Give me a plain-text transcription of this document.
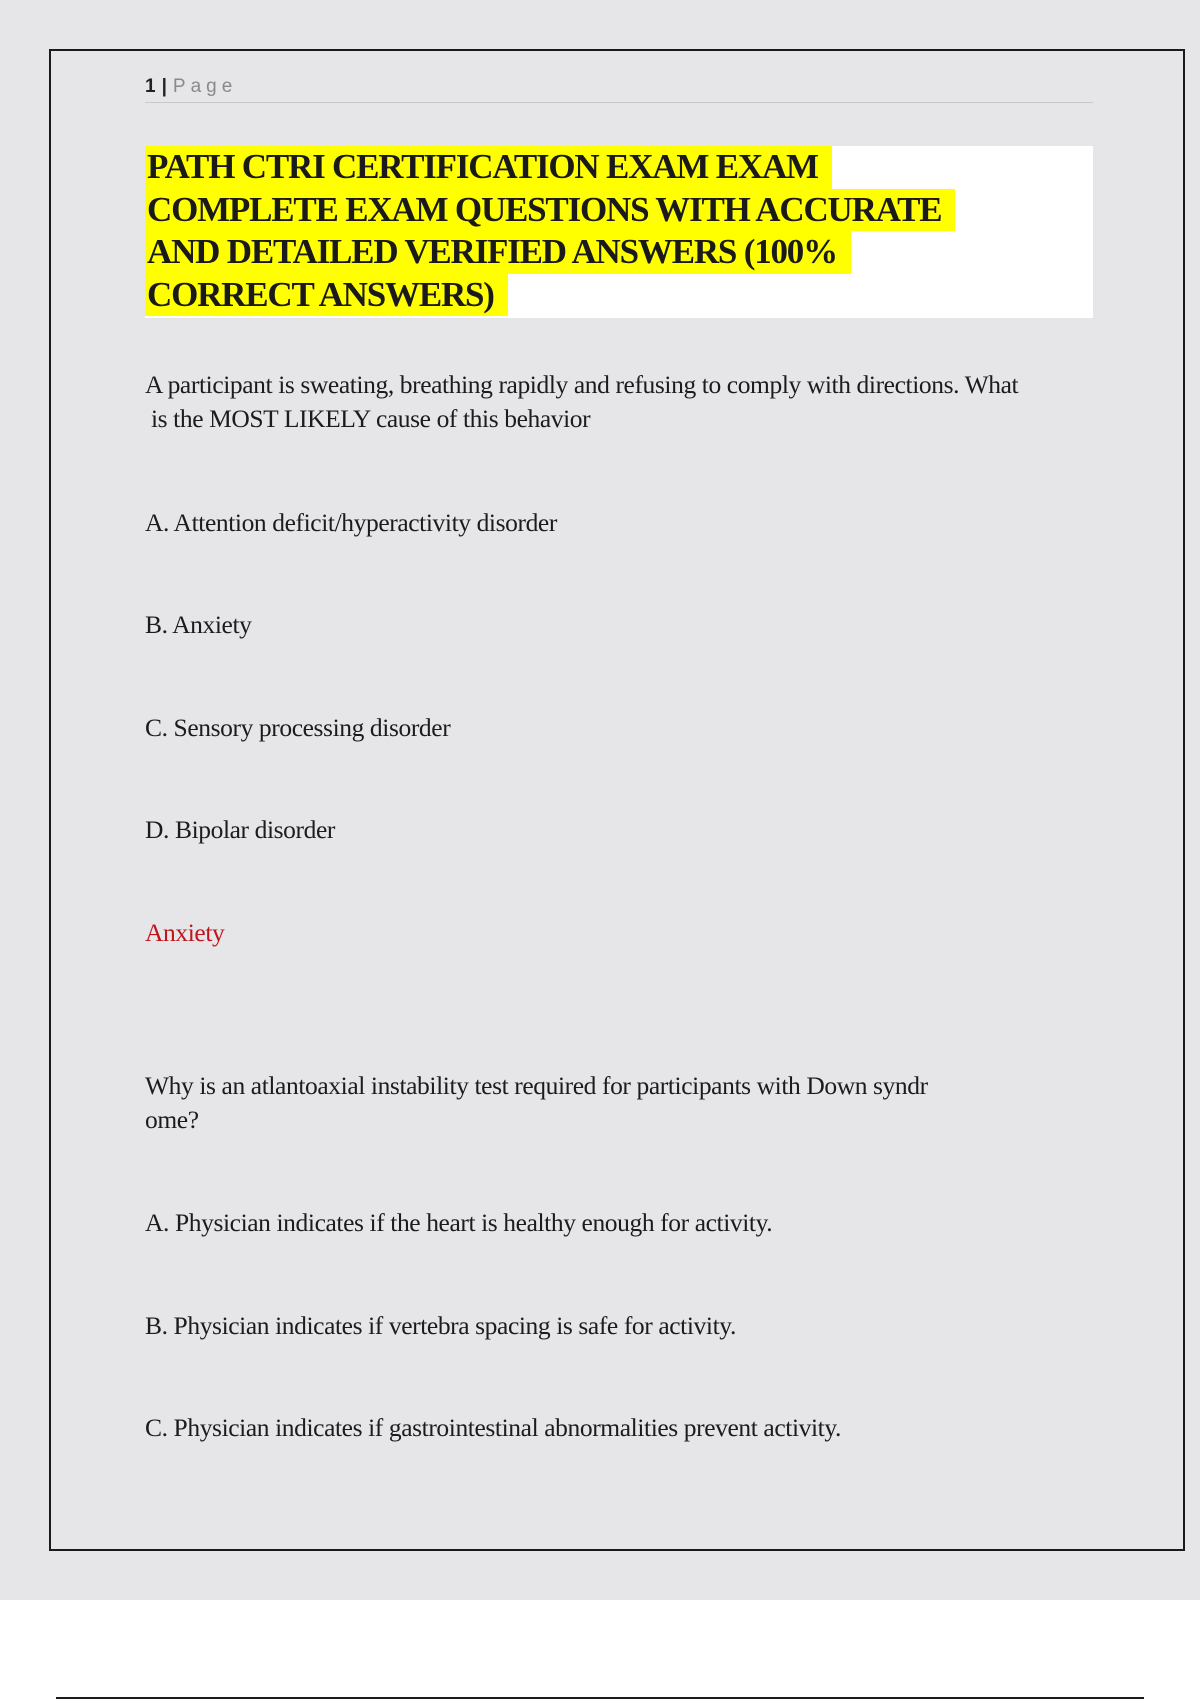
1 | Page
PATH CTRI CERTIFICATION EXAM EXAM
COMPLETE EXAM QUESTIONS WITH ACCURATE
AND DETAILED VERIFIED ANSWERS (100%
CORRECT ANSWERS)
A participant is sweating, breathing rapidly and refusing to comply with directions. What
is the MOST LIKELY cause of this behavior
A. Attention deficit/hyperactivity disorder
B. Anxiety
C. Sensory processing disorder
D. Bipolar disorder
Anxiety
Why is an atlantoaxial instability test required for participants with Down syndr
ome?
A. Physician indicates if the heart is healthy enough for activity.
B. Physician indicates if vertebra spacing is safe for activity.
C. Physician indicates if gastrointestinal abnormalities prevent activity.
